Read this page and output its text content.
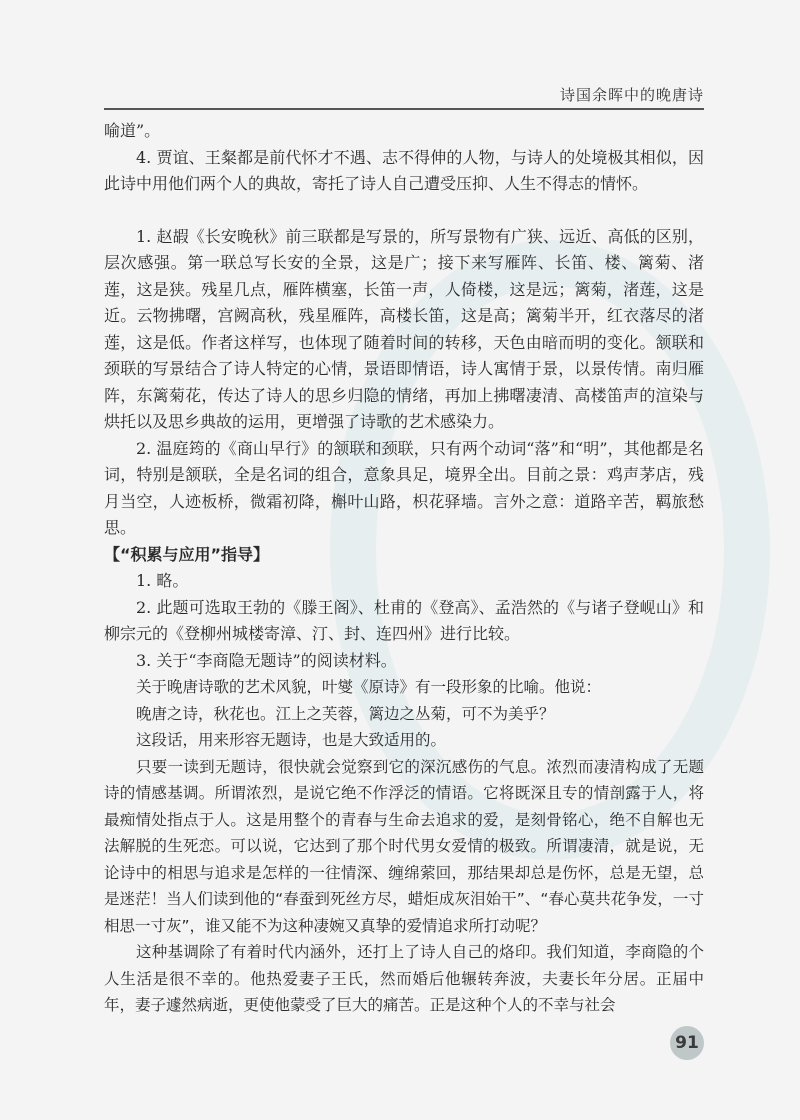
诗国余晖中的晚唐诗

喻道”。

4. 贾谊、王粲都是前代怀才不遇、志不得伸的人物，与诗人的处境极其相似，因此诗中用他们两个人的典故，寄托了诗人自己遭受压抑、人生不得志的情怀。

1. 赵嘏《长安晚秋》前三联都是写景的，所写景物有广狭、远近、高低的区别，层次感强。第一联总写长安的全景，这是广；接下来写雁阵、长笛、楼、篱菊、渚莲，这是狭。残星几点，雁阵横塞，长笛一声，人倚楼，这是远；篱菊，渚莲，这是近。云物拂曙，宫阙高秋，残星雁阵，高楼长笛，这是高；篱菊半开，红衣落尽的渚莲，这是低。作者这样写，也体现了随着时间的转移，天色由暗而明的变化。颔联和颈联的写景结合了诗人特定的心情，景语即情语，诗人寓情于景，以景传情。南归雁阵，东篱菊花，传达了诗人的思乡归隐的情绪，再加上拂曙凄清、高楼笛声的渲染与烘托以及思乡典故的运用，更增强了诗歌的艺术感染力。

2. 温庭筠的《商山早行》的颔联和颈联，只有两个动词“落”和“明”，其他都是名词，特别是颔联，全是名词的组合，意象具足，境界全出。目前之景：鸡声茅店，残月当空，人迹板桥，微霜初降，槲叶山路，枳花驿墙。言外之意：道路辛苦，羁旅愁思。

【“积累与应用”指导】

1. 略。

2. 此题可选取王勃的《滕王阁》、杜甫的《登高》、孟浩然的《与诸子登岘山》和柳宗元的《登柳州城楼寄漳、汀、封、连四州》进行比较。

3. 关于“李商隐无题诗”的阅读材料。

关于晚唐诗歌的艺术风貌，叶燮《原诗》有一段形象的比喻。他说：

晚唐之诗，秋花也。江上之芙蓉，篱边之丛菊，可不为美乎？

这段话，用来形容无题诗，也是大致适用的。

只要一读到无题诗，很快就会觉察到它的深沉感伤的气息。浓烈而凄清构成了无题诗的情感基调。所谓浓烈，是说它绝不作浮泛的情语。它将既深且专的情剖露于人，将最痴情处指点于人。这是用整个的青春与生命去追求的爱，是刻骨铭心，绝不自解也无法解脱的生死恋。可以说，它达到了那个时代男女爱情的极致。所谓凄清，就是说，无论诗中的相思与追求是怎样的一往情深、缠绵萦回，那结果却总是伤怀，总是无望，总是迷茫！当人们读到他的“春蚕到死丝方尽，蜡炬成灰泪始干”、“春心莫共花争发，一寸相思一寸灰”，谁又能不为这种凄婉又真挚的爱情追求所打动呢？

这种基调除了有着时代内涵外，还打上了诗人自己的烙印。我们知道，李商隐的个人生活是很不幸的。他热爱妻子王氏，然而婚后他辗转奔波，夫妻长年分居。正届中年，妻子遽然病逝，更使他蒙受了巨大的痛苦。正是这种个人的不幸与社会

91
